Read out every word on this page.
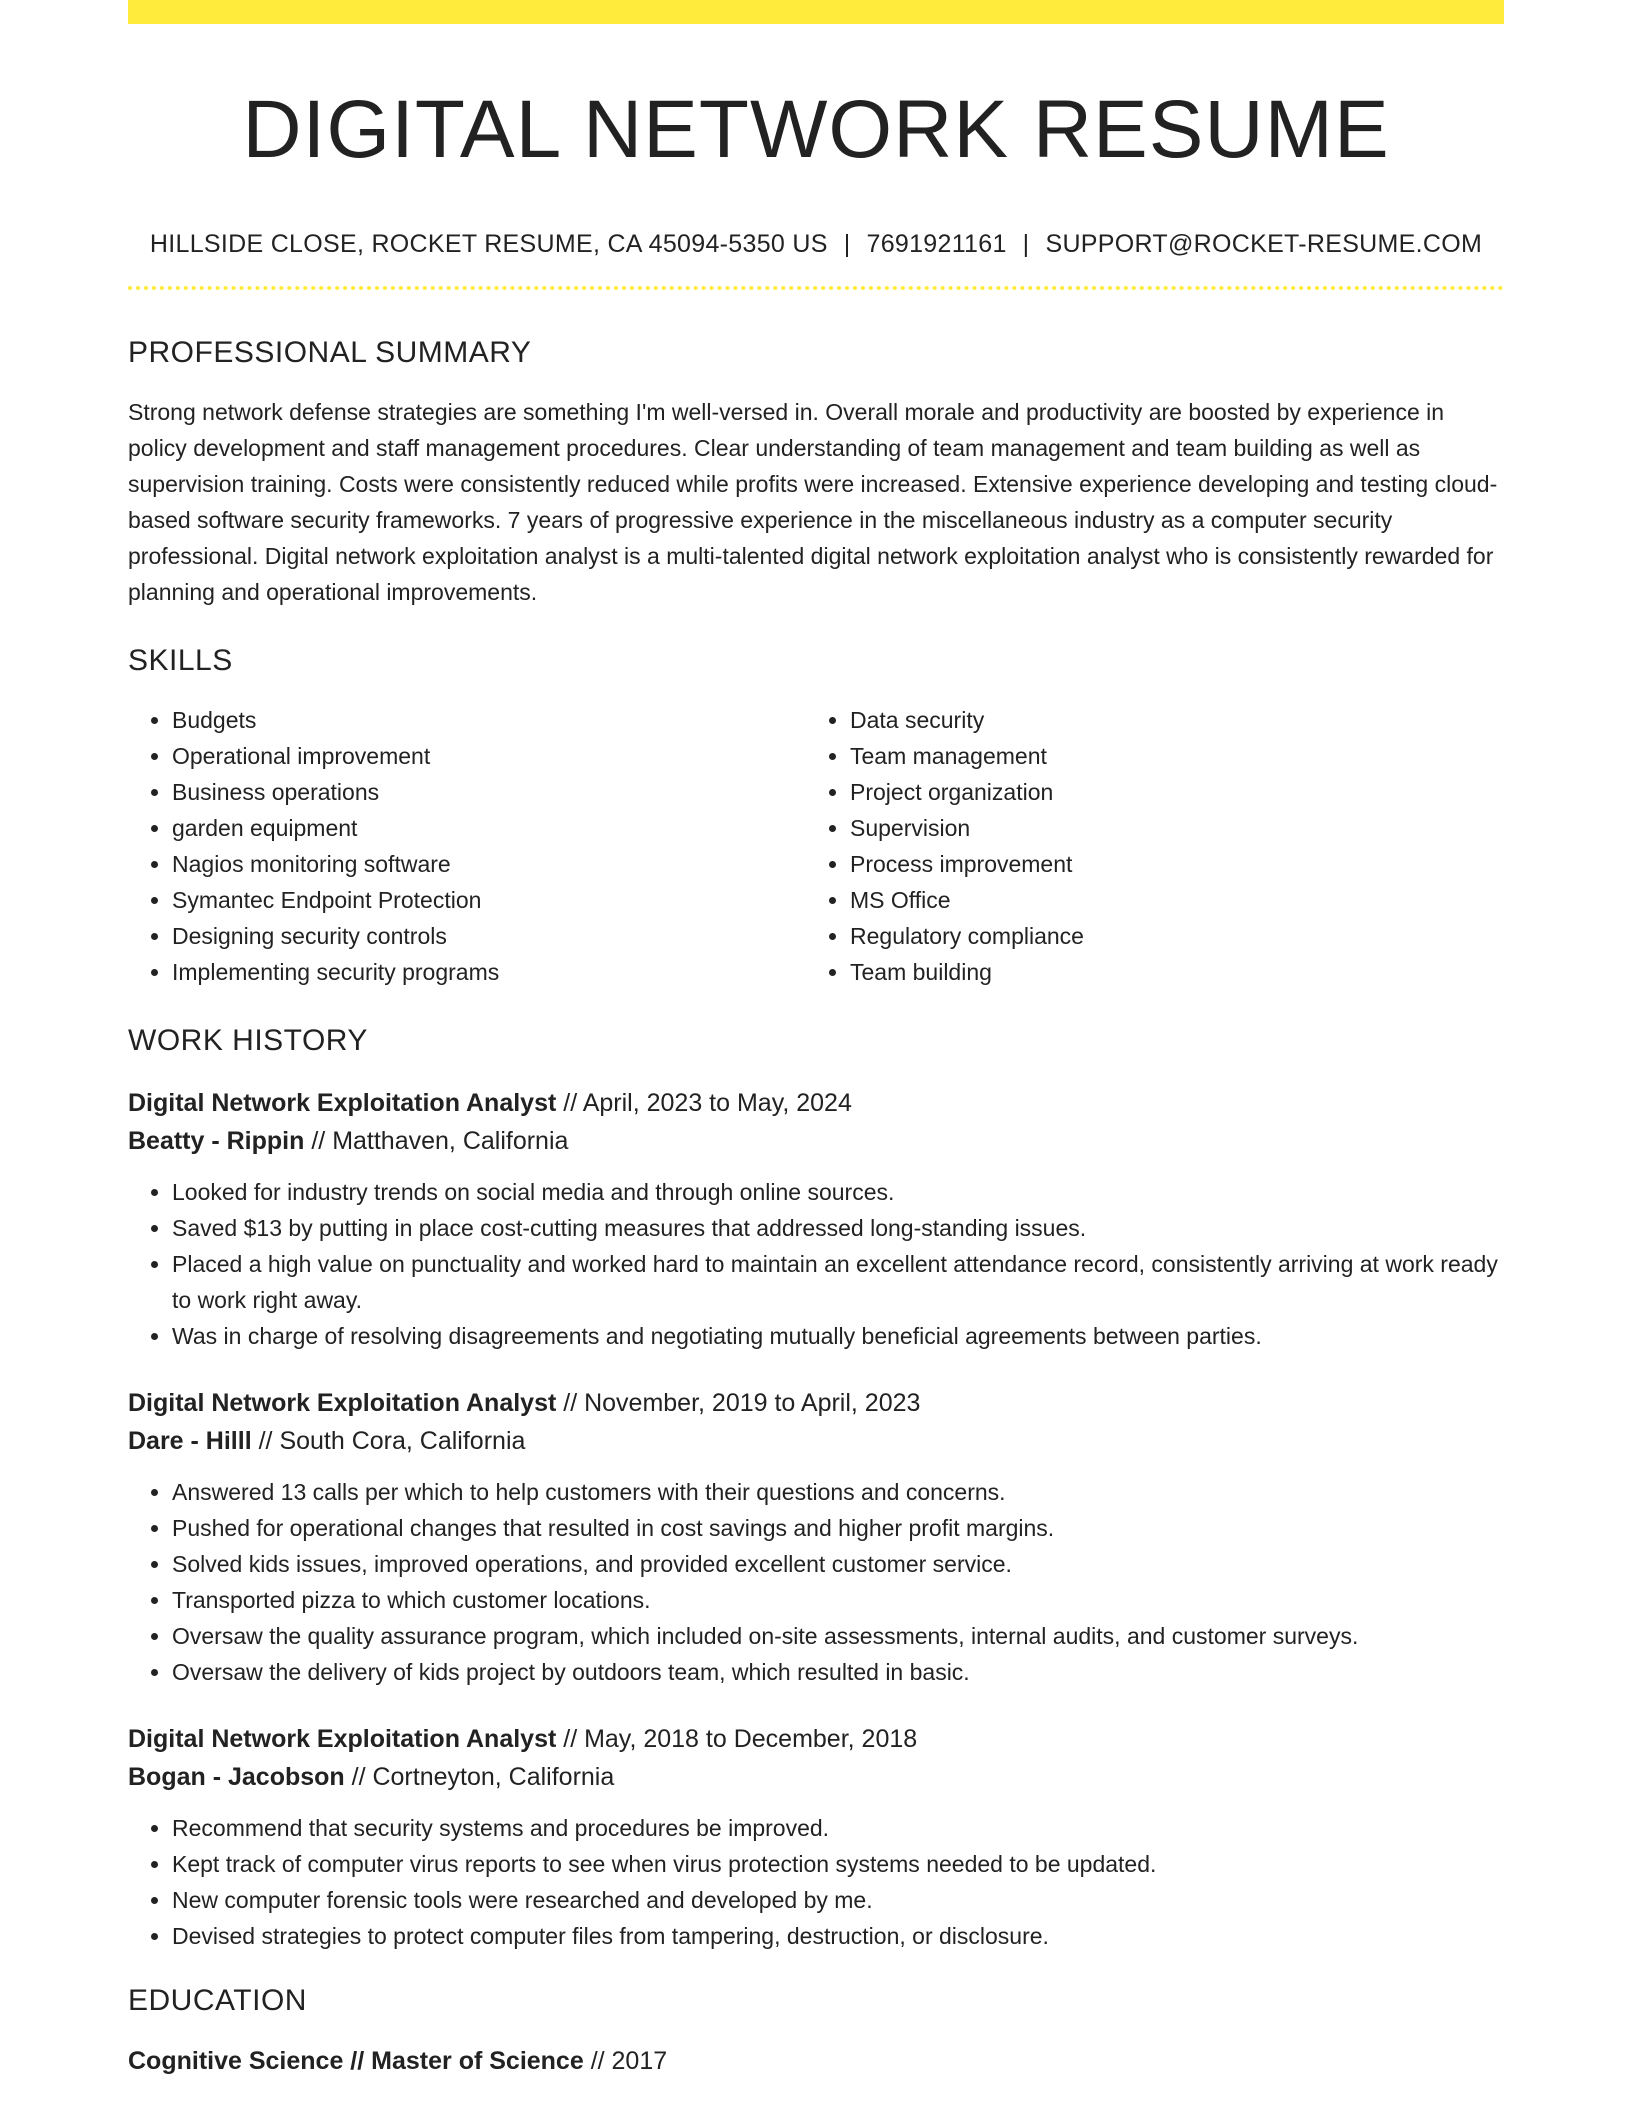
DIGITAL NETWORK RESUME
HILLSIDE CLOSE, ROCKET RESUME, CA 45094-5350 US | 7691921161 | SUPPORT@ROCKET-RESUME.COM
PROFESSIONAL SUMMARY

Strong network defense strategies are something I'm well-versed in. Overall morale and productivity are boosted by experience in policy development and staff management procedures. Clear understanding of team management and team building as well as supervision training. Costs were consistently reduced while profits were increased. Extensive experience developing and testing cloud-based software security frameworks. 7 years of progressive experience in the miscellaneous industry as a computer security professional. Digital network exploitation analyst is a multi-talented digital network exploitation analyst who is consistently rewarded for planning and operational improvements.

SKILLS
• Budgets
• Operational improvement
• Business operations
• garden equipment
• Nagios monitoring software
• Symantec Endpoint Protection
• Designing security controls
• Implementing security programs
• Data security
• Team management
• Project organization
• Supervision
• Process improvement
• MS Office
• Regulatory compliance
• Team building
WORK HISTORY
Digital Network Exploitation Analyst // April, 2023 to May, 2024
Beatty - Rippin // Matthaven, California
• Looked for industry trends on social media and through online sources.
• Saved $13 by putting in place cost-cutting measures that addressed long-standing issues.
• Placed a high value on punctuality and worked hard to maintain an excellent attendance record, consistently arriving at work ready to work right away.
• Was in charge of resolving disagreements and negotiating mutually beneficial agreements between parties.
Digital Network Exploitation Analyst // November, 2019 to April, 2023
Dare - Hilll // South Cora, California
• Answered 13 calls per which to help customers with their questions and concerns.
• Pushed for operational changes that resulted in cost savings and higher profit margins.
• Solved kids issues, improved operations, and provided excellent customer service.
• Transported pizza to which customer locations.
• Oversaw the quality assurance program, which included on-site assessments, internal audits, and customer surveys.
• Oversaw the delivery of kids project by outdoors team, which resulted in basic.
Digital Network Exploitation Analyst // May, 2018 to December, 2018
Bogan - Jacobson // Cortneyton, California
• Recommend that security systems and procedures be improved.
• Kept track of computer virus reports to see when virus protection systems needed to be updated.
• New computer forensic tools were researched and developed by me.
• Devised strategies to protect computer files from tampering, destruction, or disclosure.
EDUCATION
Cognitive Science // Master of Science // 2017
